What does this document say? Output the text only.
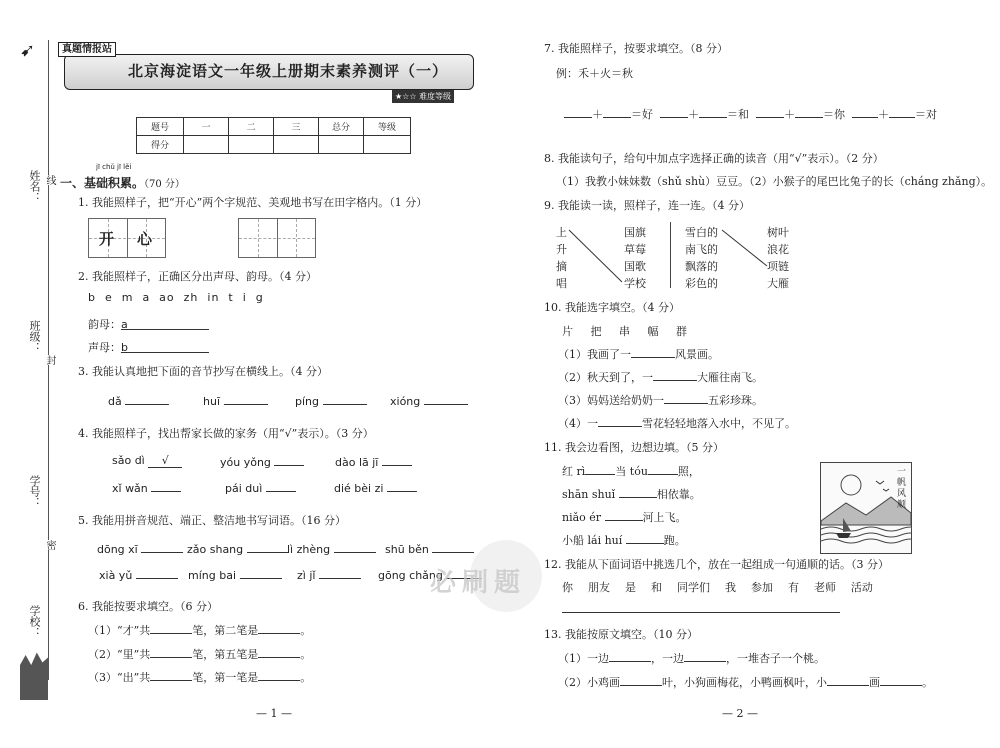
姓名：
班级：
学号：
学校：
线
封
密
➹	真题情报站
北京海淀语文一年级上册期末素养测评（一）
★☆☆ 难度等级
题号	一	二	三	总分	等级
得分					
jī chǔ jī lěi
一、基础积累。（70 分）
1. 我能照样子，把“开心”两个字规范、美观地书写在田字格内。（1 分）
开 心
2. 我能照样子，正确区分出声母、韵母。（4 分）
b  e  m  a  ao  zh  in  t  i  g
韵母：a
声母：b
3. 我能认真地把下面的音节抄写在横线上。（4 分）
dǎ	huī	píng	xióng
4. 我能照样子，找出帮家长做的家务（用“√”表示）。（3 分）
sǎo dì √	yóu yǒng	dào lā jī
xǐ wǎn	pái duì	dié bèi zi
5. 我能用拼音规范、端正、整洁地书写词语。（16 分）
dōng xī	zǎo shang	lì zhèng	shū běn
xià yǔ	míng bai	zì jǐ	gōng chǎng
6. 我能按要求填空。（6 分）
（1）“才”共	笔，第二笔是	。
（2）“里”共	笔，第五笔是	。
（3）“出”共	笔，第一笔是	。
— 1 —
7. 我能照样子，按要求填空。（8 分）
例：禾＋火＝秋
＋	＝好	＋	＝和	＋	＝你	＋ ＝对
8. 我能读句子，给句中加点字选择正确的读音（用“√”表示）。（2 分）
（1）我教小妹妹数（shǔ shù）豆豆。（2）小猴子的尾巴比兔子的长（cháng zhǎng）。
9. 我能读一读，照样子，连一连。（4 分）
上
升
摘
唱
国旗
草莓
国歌
学校
雪白的
南飞的
飘落的
彩色的
树叶
浪花
项链
大雁
10. 我能选字填空。（4 分）
片 把 串 幅 群
（1）我画了一	风景画。
（2）秋天到了，一	大雁往南飞。
（3）妈妈送给奶奶一	五彩珍珠。
（4）一	雪花轻轻地落入水中，不见了。
11. 我会边看图，边想边填。（5 分）
红 rì	当 tóu	照，
shān shuǐ	相依靠。
niǎo ér	河上飞。
小船 lái huí	跑。
一帆风顺
12. 我能从下面词语中挑选几个，放在一起组成一句通顺的话。（3 分）
你  朋友  是  和  同学们  我  参加  有  老师  活动
13. 我能按原文填空。（10 分）
（1）一边	，一边	，一堆杏子一个桃。
（2）小鸡画	叶，小狗画梅花，小鸭画枫叶，小	画	。
— 2 —
必刷题
